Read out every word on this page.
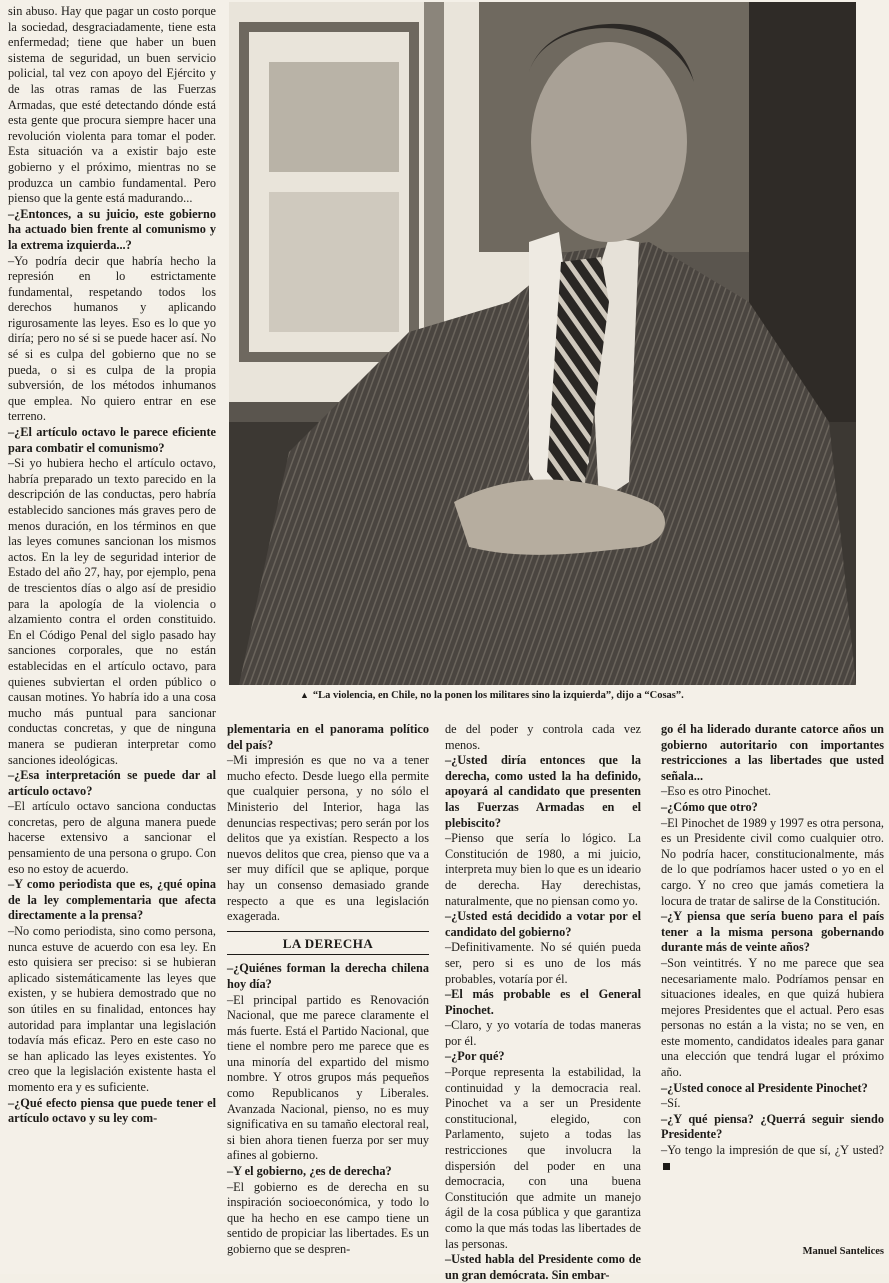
sin abuso. Hay que pagar un costo porque la sociedad, desgraciadamente, tiene esta enfermedad; tiene que haber un buen sistema de seguridad, un buen servicio policial, tal vez con apoyo del Ejército y de las otras ramas de las Fuerzas Armadas, que esté detectando dónde está esta gente que procura siempre hacer una revolución violenta para tomar el poder. Esta situación va a existir bajo este gobierno y el próximo, mientras no se produzca un cambio fundamental. Pero pienso que la gente está madurando...

–¿Entonces, a su juicio, este gobierno ha actuado bien frente al comunismo y la extrema izquierda...?

–Yo podría decir que habría hecho la represión en lo estrictamente fundamental, respetando todos los derechos humanos y aplicando rigurosamente las leyes. Eso es lo que yo diría; pero no sé si se puede hacer así. No sé si es culpa del gobierno que no se pueda, o si es culpa de la propia subversión, de los métodos inhumanos que emplea. No quiero entrar en ese terreno.

–¿El artículo octavo le parece eficiente para combatir el comunismo?

–Si yo hubiera hecho el artículo octavo, habría preparado un texto parecido en la descripción de las conductas, pero habría establecido sanciones más graves pero de menos duración, en los términos en que las leyes comunes sancionan los mismos actos. En la ley de seguridad interior de Estado del año 27, hay, por ejemplo, pena de trescientos días o algo así de presidio para la apología de la violencia o alzamiento contra el orden constituido. En el Código Penal del siglo pasado hay sanciones corporales, que no están establecidas en el artículo octavo, para quienes subviertan el orden público o causan motines. Yo habría ido a una cosa mucho más puntual para sancionar conductas concretas, y que de ninguna manera se pudieran interpretar como sanciones ideológicas.

–¿Esa interpretación se puede dar al artículo octavo?

–El artículo octavo sanciona conductas concretas, pero de alguna manera puede hacerse extensivo a sancionar el pensamiento de una persona o grupo. Con eso no estoy de acuerdo.

–Y como periodista que es, ¿qué opina de la ley complementaria que afecta directamente a la prensa?

–No como periodista, sino como persona, nunca estuve de acuerdo con esa ley. En esto quisiera ser preciso: si se hubieran aplicado sistemáticamente las leyes que existen, y se hubiera demostrado que no son útiles en su finalidad, entonces hay autoridad para implantar una legislación todavía más eficaz. Pero en este caso no se han aplicado las leyes existentes. Yo creo que la legislación existente hasta el momento era y es suficiente.

–¿Qué efecto piensa que puede tener el artículo octavo y su ley com-

▲ “La violencia, en Chile, no la ponen los militares sino la izquierda”, dijo a “Cosas”.

plementaria en el panorama político del país?

–Mi impresión es que no va a tener mucho efecto. Desde luego ella permite que cualquier persona, y no sólo el Ministerio del Interior, haga las denuncias respectivas; pero serán por los delitos que ya existían. Respecto a los nuevos delitos que crea, pienso que va a ser muy difícil que se aplique, porque hay un consenso demasiado grande respecto a que es una legislación exagerada.

LA DERECHA

–¿Quiénes forman la derecha chilena hoy día?

–El principal partido es Renovación Nacional, que me parece claramente el más fuerte. Está el Partido Nacional, que tiene el nombre pero me parece que es una minoría del expartido del mismo nombre. Y otros grupos más pequeños como Republicanos y Liberales. Avanzada Nacional, pienso, no es muy significativa en su tamaño electoral real, si bien ahora tienen fuerza por ser muy afines al gobierno.

–Y el gobierno, ¿es de derecha?

–El gobierno es de derecha en su inspiración socioeconómica, y todo lo que ha hecho en ese campo tiene un sentido de propiciar las libertades. Es un gobierno que se despren-

de del poder y controla cada vez menos.

–¿Usted diría entonces que la derecha, como usted la ha definido, apoyará al candidato que presenten las Fuerzas Armadas en el plebiscito?

–Pienso que sería lo lógico. La Constitución de 1980, a mi juicio, interpreta muy bien lo que es un ideario de derecha. Hay derechistas, naturalmente, que no piensan como yo.

–¿Usted está decidido a votar por el candidato del gobierno?

–Definitivamente. No sé quién pueda ser, pero si es uno de los más probables, votaría por él.

–El más probable es el General Pinochet.

–Claro, y yo votaría de todas maneras por él.

–¿Por qué?

–Porque representa la estabilidad, la continuidad y la democracia real. Pinochet va a ser un Presidente constitucional, elegido, con Parlamento, sujeto a todas las restricciones que involucra la dispersión del poder en una democracia, con una buena Constitución que admite un manejo ágil de la cosa pública y que garantiza como la que más todas las libertades de las personas.

–Usted habla del Presidente como de un gran demócrata. Sin embar-

go él ha liderado durante catorce años un gobierno autoritario con importantes restricciones a las libertades que usted señala...

–Eso es otro Pinochet.

–¿Cómo que otro?

–El Pinochet de 1989 y 1997 es otra persona, es un Presidente civil como cualquier otro. No podría hacer, constitucionalmente, más de lo que podríamos hacer usted o yo en el cargo. Y no creo que jamás cometiera la locura de tratar de salirse de la Constitución.

–¿Y piensa que sería bueno para el país tener a la misma persona gobernando durante más de veinte años?

–Son veintitrés. Y no me parece que sea necesariamente malo. Podríamos pensar en situaciones ideales, en que quizá hubiera mejores Presidentes que el actual. Pero esas personas no están a la vista; no se ven, en este momento, candidatos ideales para ganar una elección que tendrá lugar el próximo año.

–¿Usted conoce al Presidente Pinochet?

–Sí.

–¿Y qué piensa? ¿Querrá seguir siendo Presidente?

–Yo tengo la impresión de que sí, ¿Y usted?

Manuel Santelices
